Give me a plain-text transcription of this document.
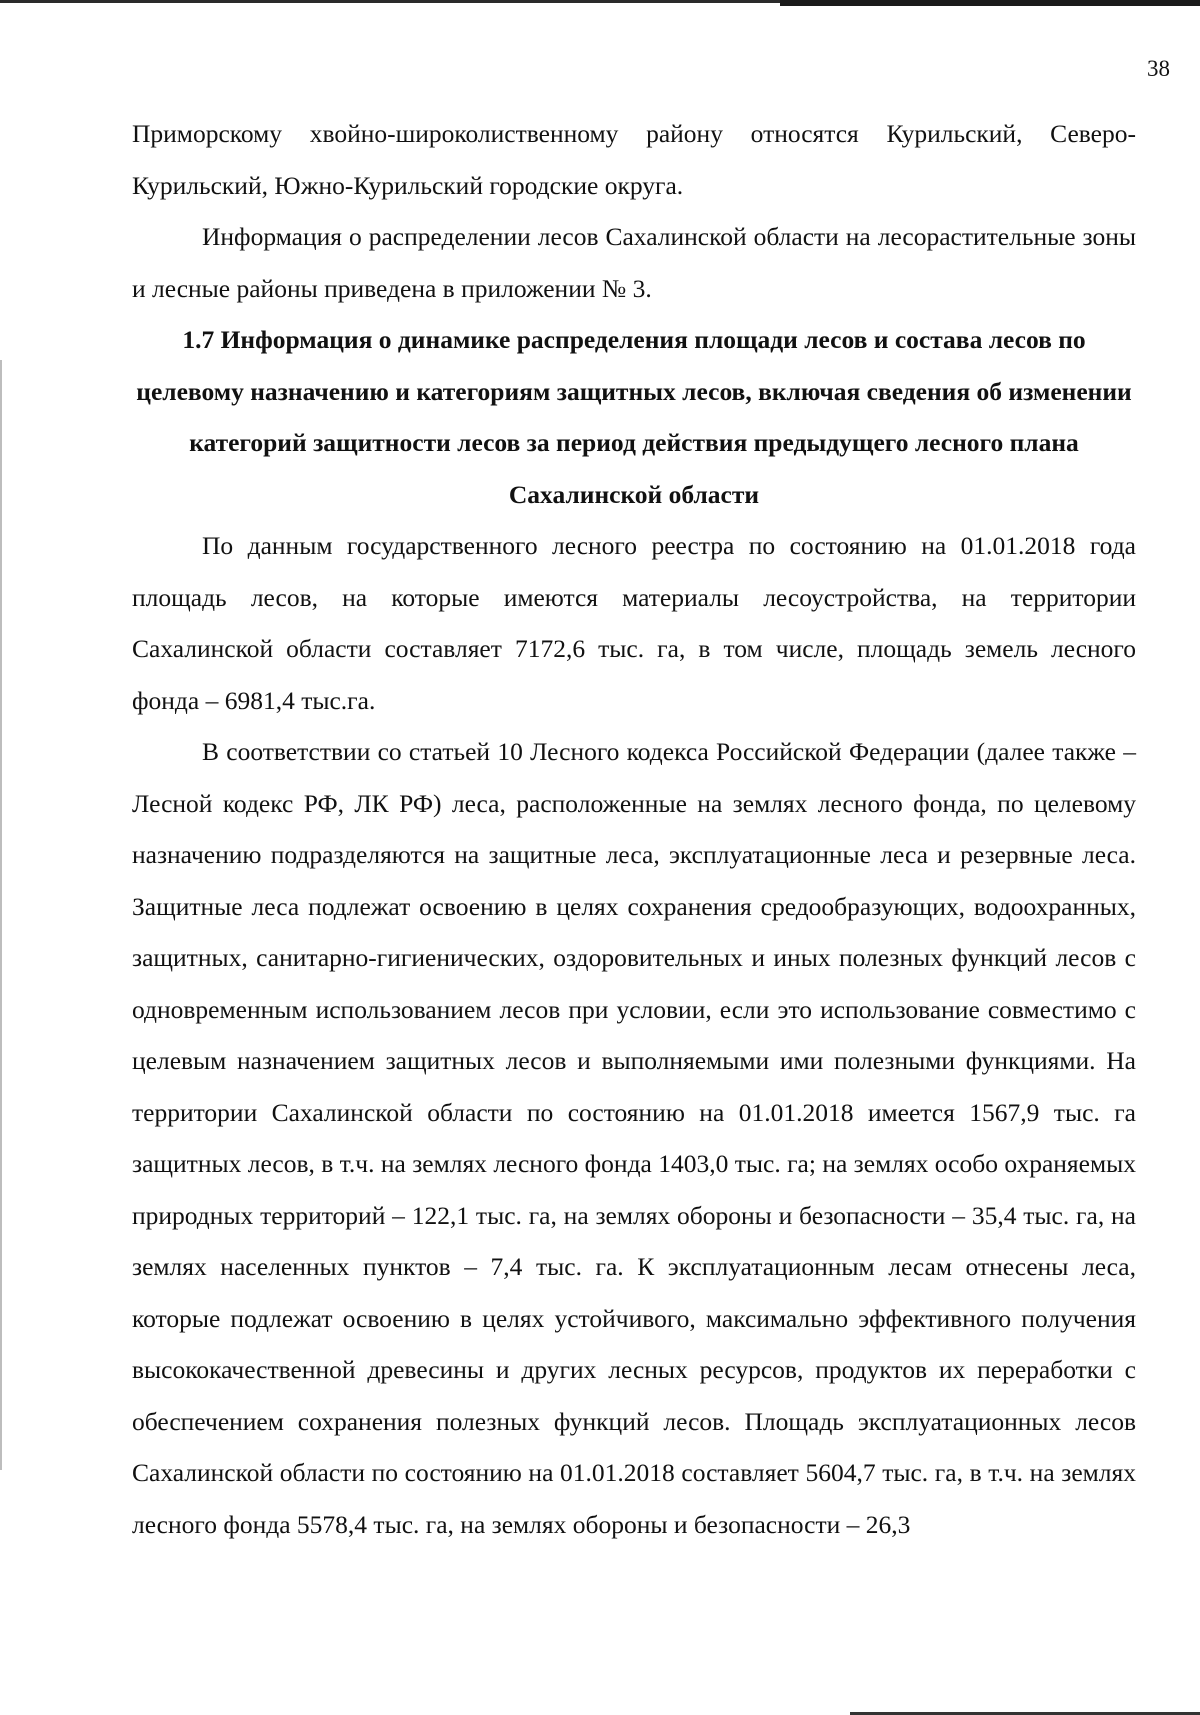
38

Приморскому хвойно-широколиственному району относятся Курильский, Северо-Курильский, Южно-Курильский городские округа.

Информация о распределении лесов Сахалинской области на лесорастительные зоны и лесные районы приведена в приложении № 3.

1.7 Информация о динамике распределения площади лесов и состава лесов по целевому назначению и категориям защитных лесов, включая сведения об изменении категорий защитности лесов за период действия предыдущего лесного плана Сахалинской области

По данным государственного лесного реестра по состоянию на 01.01.2018 года площадь лесов, на которые имеются материалы лесоустройства, на территории Сахалинской области составляет 7172,6 тыс. га, в том числе, площадь земель лесного фонда – 6981,4 тыс.га.

В соответствии со статьей 10 Лесного кодекса Российской Федерации (далее также – Лесной кодекс РФ, ЛК РФ) леса, расположенные на землях лесного фонда, по целевому назначению подразделяются на защитные леса, эксплуатационные леса и резервные леса. Защитные леса подлежат освоению в целях сохранения средообразующих, водоохранных, защитных, санитарно-гигиенических, оздоровительных и иных полезных функций лесов с одновременным использованием лесов при условии, если это использование совместимо с целевым назначением защитных лесов и выполняемыми ими полезными функциями. На территории Сахалинской области по состоянию на 01.01.2018 имеется 1567,9 тыс. га защитных лесов, в т.ч. на землях лесного фонда 1403,0 тыс. га; на землях особо охраняемых природных территорий – 122,1 тыс. га, на землях обороны и безопасности – 35,4 тыс. га, на землях населенных пунктов – 7,4 тыс. га. К эксплуатационным лесам отнесены леса, которые подлежат освоению в целях устойчивого, максимально эффективного получения высококачественной древесины и других лесных ресурсов, продуктов их переработки с обеспечением сохранения полезных функций лесов. Площадь эксплуатационных лесов Сахалинской области по состоянию на 01.01.2018 составляет 5604,7 тыс. га, в т.ч. на землях лесного фонда 5578,4 тыс. га, на землях обороны и безопасности – 26,3
